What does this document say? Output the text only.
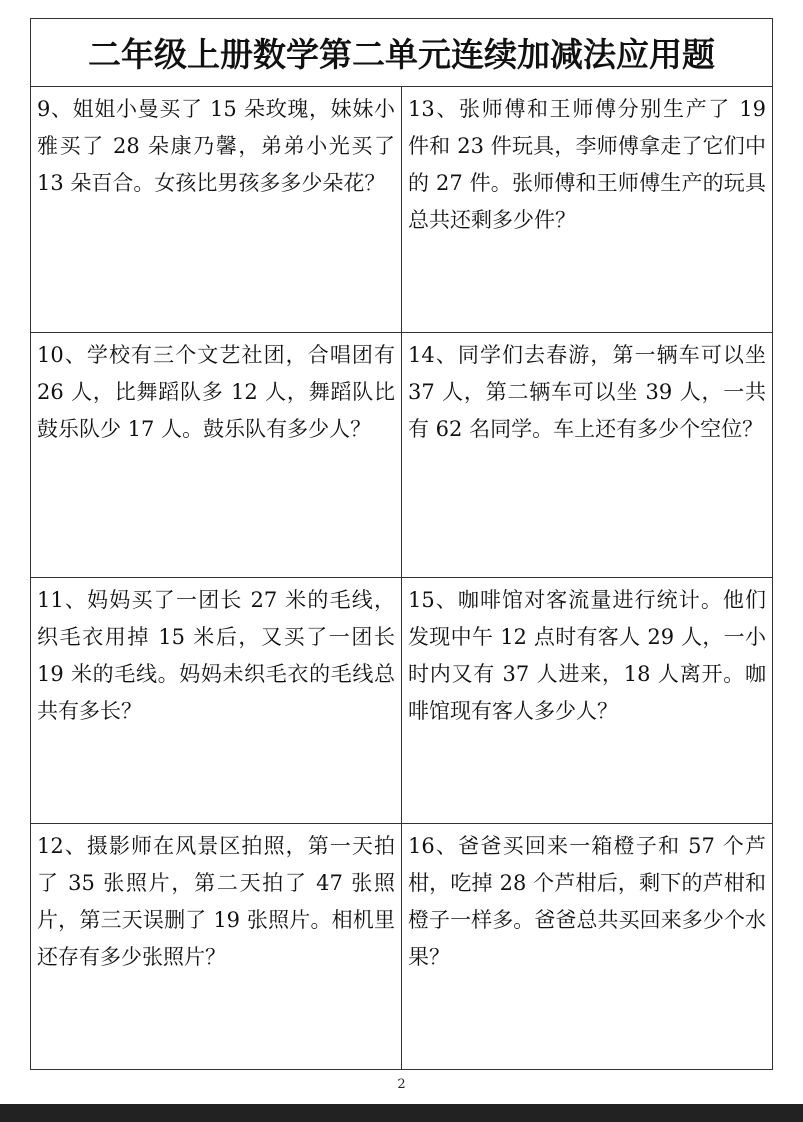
二年级上册数学第二单元连续加减法应用题
9、姐姐小曼买了 15 朵玫瑰，妹妹小雅买了 28 朵康乃馨，弟弟小光买了 13 朵百合。女孩比男孩多多少朵花？
13、张师傅和王师傅分别生产了 19 件和 23 件玩具，李师傅拿走了它们中的 27 件。张师傅和王师傅生产的玩具总共还剩多少件？
10、学校有三个文艺社团，合唱团有 26 人，比舞蹈队多 12 人，舞蹈队比鼓乐队少 17 人。鼓乐队有多少人？
14、同学们去春游，第一辆车可以坐 37 人，第二辆车可以坐 39 人，一共有 62 名同学。车上还有多少个空位？
11、妈妈买了一团长 27 米的毛线，织毛衣用掉 15 米后，又买了一团长 19 米的毛线。妈妈未织毛衣的毛线总共有多长？
15、咖啡馆对客流量进行统计。他们发现中午 12 点时有客人 29 人，一小时内又有 37 人进来，18 人离开。咖啡馆现有客人多少人？
12、摄影师在风景区拍照，第一天拍了 35 张照片，第二天拍了 47 张照片，第三天误删了 19 张照片。相机里还存有多少张照片？
16、爸爸买回来一箱橙子和 57 个芦柑，吃掉 28 个芦柑后，剩下的芦柑和橙子一样多。爸爸总共买回来多少个水果？
2
